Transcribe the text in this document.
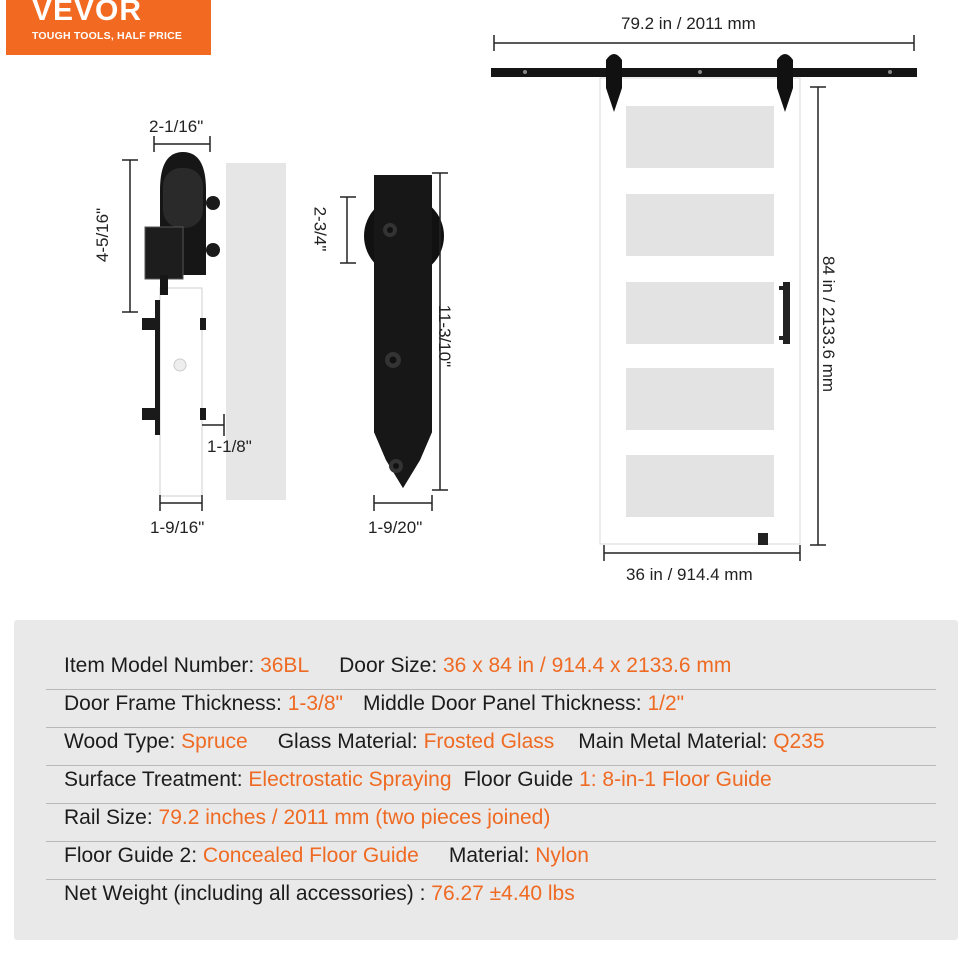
VEVOR
TOUGH TOOLS, HALF PRICE
2-1/16"
4-5/16"
1-1/8"
1-9/16"
2-3/4"
11-3/10"
1-9/20"
79.2 in / 2011 mm
84 in / 2133.6 mm
36 in / 914.4 mm
Item Model Number: 36BL Door Size: 36 x 84 in / 914.4 x 2133.6 mm
Door Frame Thickness: 1-3/8" Middle Door Panel Thickness: 1/2"
Wood Type: Spruce Glass Material: Frosted Glass Main Metal Material: Q235
Surface Treatment: Electrostatic Spraying Floor Guide 1: 8-in-1 Floor Guide
Rail Size: 79.2 inches / 2011 mm (two pieces joined)
Floor Guide 2: Concealed Floor Guide Material: Nylon
Net Weight (including all accessories) : 76.27 ±4.40 lbs
